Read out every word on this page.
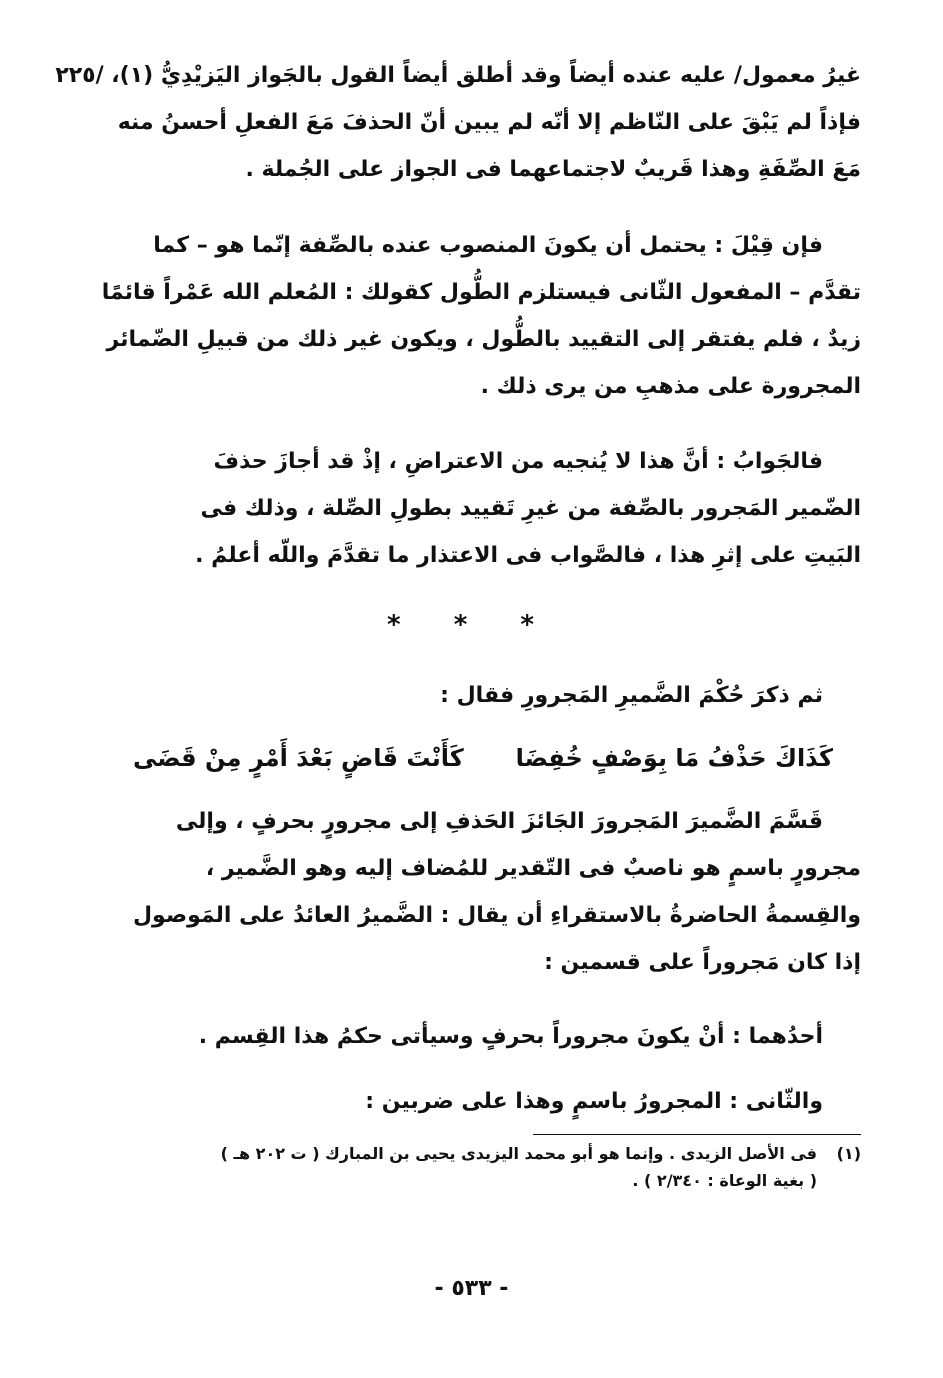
غيرُ معمول/ عليه عنده أيضاً وقد أطلق أيضاً القول بالجَواز اليَزيْدِيُّ (١)، /٢٢٥
فإذاً لم يَبْقَ على النّاظم إلا أنّه لم يبين أنّ الحذفَ مَعَ الفعلِ أحسنُ منه
مَعَ الصِّفَةِ وهذا قَريبٌ لاجتماعهما فى الجواز على الجُملة .
فإن قِيْلَ : يحتمل أن يكونَ المنصوب عنده بالصِّفة إنّما هو – كما
تقدَّم – المفعول الثّانى فيستلزم الطُّول كقولك : المُعلم الله عَمْراً قائمًا
زيدٌ ، فلم يفتقر إلى التقييد بالطُّول ، ويكون غير ذلك من قبيلِ الضّمائر
المجرورة على مذهبِ من يرى ذلك .
فالجَوابُ : أنَّ هذا لا يُنجيه من الاعتراضِ ، إذْ قد أجازَ حذفَ
الضّمير المَجرور بالصِّفة من غيرِ تَقييد بطولِ الصِّلة ، وذلك فى
البَيتِ على إثرِ هذا ، فالصَّواب فى الاعتذار ما تقدَّمَ واللّه أعلمُ .
* * *
ثم ذكرَ حُكْمَ الضَّميرِ المَجرورِ فقال :
كَذَاكَ حَذْفُ مَا بِوَصْفٍ خُفِضَا
كَأَنْتَ قَاضٍ بَعْدَ أَمْرٍ مِنْ قَضَى
قَسَّمَ الضَّميرَ المَجرورَ الجَائزَ الحَذفِ إلى مجرورٍ بحرفٍ ، وإلى
مجرورٍ باسمٍ هو ناصبٌ فى التّقدير للمُضاف إليه وهو الضَّمير ،
والقِسمةُ الحاضرةُ بالاستقراءِ أن يقال : الضَّميرُ العائدُ على المَوصول
إذا كان مَجروراً على قسمين :
أحدُهما : أنْ يكونَ مجروراً بحرفٍ وسيأتى حكمُ هذا القِسم .
والثّانى : المجرورُ باسمٍ وهذا على ضربين :
(١)
فى الأصل الزيدى . وإنما هو أبو محمد اليزيدى يحيى بن المبارك ( ت ٢٠٢ هـ )
( بغية الوعاة : ٢/٣٤٠ ) .
- ٥٣٣ -
